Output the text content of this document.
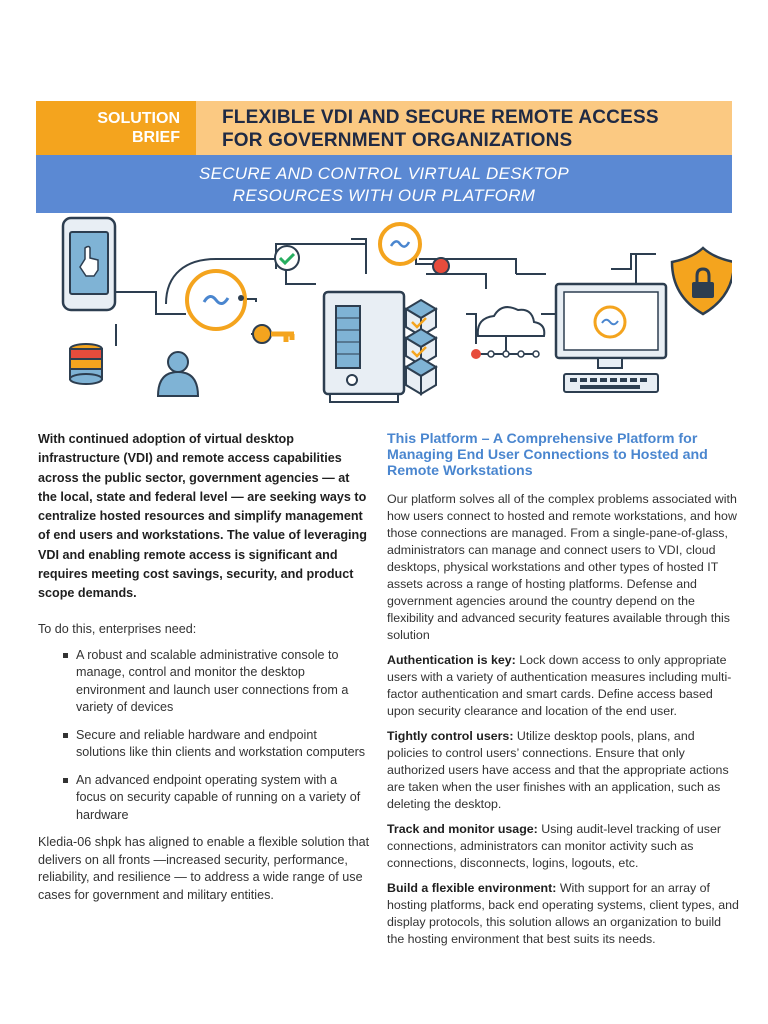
SOLUTION
BRIEF
FLEXIBLE VDI AND SECURE REMOTE ACCESS
FOR GOVERNMENT ORGANIZATIONS
SECURE AND CONTROL VIRTUAL DESKTOP
RESOURCES WITH OUR PLATFORM

With continued adoption of virtual desktop infrastructure (VDI) and remote access capabilities across the public sector, government agencies — at the local, state and federal level — are seeking ways to centralize hosted resources and simplify management of end users and workstations. The value of leveraging VDI and enabling remote access is significant and requires meeting cost savings, security, and product scope demands.

To do this, enterprises need:

A robust and scalable administrative console to manage, control and monitor the desktop environment and launch user connections from a variety of devices
Secure and reliable hardware and endpoint solutions like thin clients and workstation computers
An advanced endpoint operating system with a focus on security capable of running on a variety of hardware

Kledia-06 shpk has aligned to enable a flexible solution that delivers on all fronts —increased security, performance, reliability, and resilience — to address a wide range of use cases for government and military entities.

This Platform – A Comprehensive Platform for Managing End User Connections to Hosted and Remote Workstations

Our platform solves all of the complex problems associated with how users connect to hosted and remote workstations, and how those connections are managed. From a single-pane-of-glass, administrators can manage and connect users to VDI, cloud desktops, physical workstations and other types of hosted IT assets across a range of hosting platforms. Defense and government agencies around the country depend on the flexibility and advanced security features available through this solution

Authentication is key: Lock down access to only appropriate users with a variety of authentication measures including multi-factor authentication and smart cards. Define access based upon security clearance and location of the end user.

Tightly control users: Utilize desktop pools, plans, and policies to control users’ connections. Ensure that only authorized users have access and that the appropriate actions are taken when the user finishes with an application, such as deleting the desktop.

Track and monitor usage: Using audit-level tracking of user connections, administrators can monitor activity such as connections, disconnects, logins, logouts, etc.

Build a flexible environment: With support for an array of hosting platforms, back end operating systems, client types, and display protocols, this solution allows an organization to build the hosting environment that best suits its needs.
